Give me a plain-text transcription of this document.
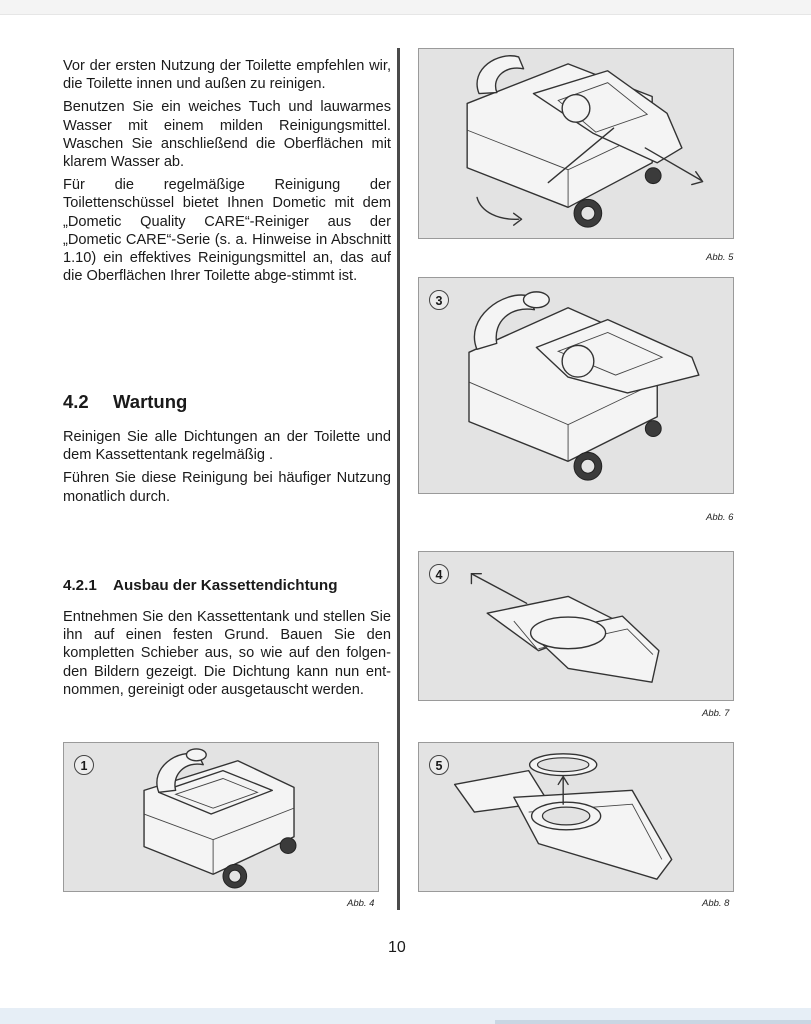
Vor der ersten Nutzung der Toilette empfehlen wir, die Toilette innen und außen zu reinigen.

Benutzen Sie ein weiches Tuch und lauwarmes Wasser mit einem milden Reinigungsmittel. Waschen Sie anschließend die Oberflächen mit klarem Wasser ab.

Für die regelmäßige Reinigung der Toilettenschüssel bietet Ihnen Dometic mit dem „Dometic Quality CARE“-Reiniger aus der „Dometic CARE“-Serie (s. a. Hinweise in Abschnitt 1.10) ein effektives Reinigungsmittel an, das auf die Oberflächen Ihrer Toilette abge-stimmt ist.

4.2 Wartung

Reinigen Sie alle Dichtungen an der Toilette und dem Kassettentank regelmäßig .

Führen Sie diese Reinigung bei häufiger Nutzung monatlich durch.

4.2.1 Ausbau der Kassettendichtung

Entnehmen Sie den Kassettentank und stellen Sie ihn auf einen festen Grund. Bauen Sie den kompletten Schieber aus, so wie auf den folgen-den Bildern gezeigt. Die Dichtung kann nun ent-nommen, gereinigt oder ausgetauscht werden.

1
Abb. 4
Abb. 5
3
Abb. 6
4
Abb. 7
5
Abb. 8
10
